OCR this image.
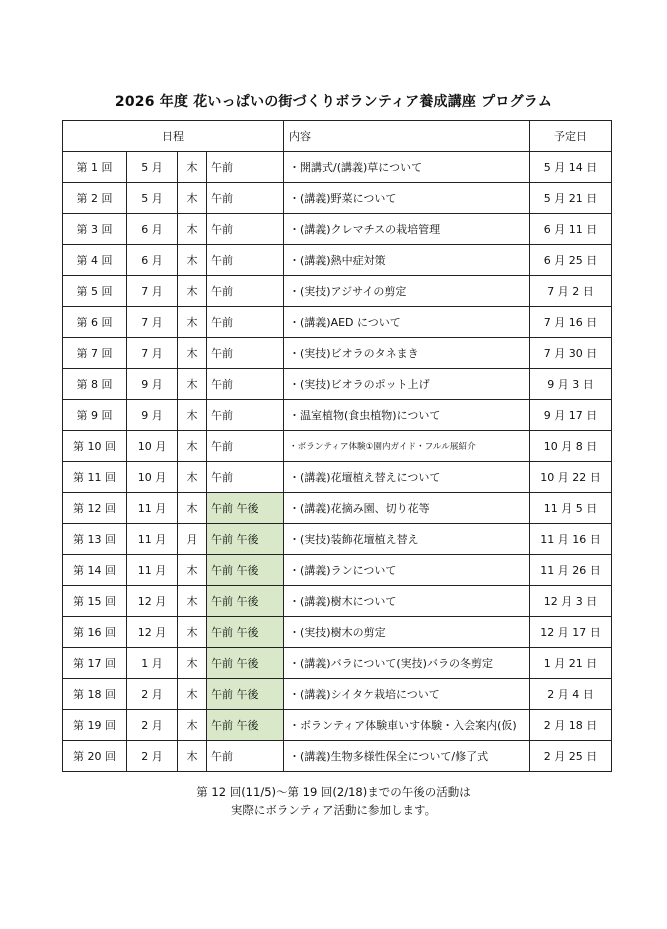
2026 年度 花いっぱいの街づくりボランティア養成講座 プログラム
日程				内容	予定日
第 1 回	5 月	木	午前	・開講式/(講義)草について	5 月 14 日
第 2 回	5 月	木	午前	・(講義)野菜について	5 月 21 日
第 3 回	6 月	木	午前	・(講義)クレマチスの栽培管理	6 月 11 日
第 4 回	6 月	木	午前	・(講義)熱中症対策	6 月 25 日
第 5 回	7 月	木	午前	・(実技)アジサイの剪定	7 月 2 日
第 6 回	7 月	木	午前	・(講義)AED について	7 月 16 日
第 7 回	7 月	木	午前	・(実技)ビオラのタネまき	7 月 30 日
第 8 回	9 月	木	午前	・(実技)ビオラのポット上げ	9 月 3 日
第 9 回	9 月	木	午前	・温室植物(食虫植物)について	9 月 17 日
第 10 回	10 月	木	午前	・ボランティア体験①園内ガイド・フルル展紹介	10 月 8 日
第 11 回	10 月	木	午前	・(講義)花壇植え替えについて	10 月 22 日
第 12 回	11 月	木	午前 午後	・(講義)花摘み園、切り花等	11 月 5 日
第 13 回	11 月	月	午前 午後	・(実技)装飾花壇植え替え	11 月 16 日
第 14 回	11 月	木	午前 午後	・(講義)ランについて	11 月 26 日
第 15 回	12 月	木	午前 午後	・(講義)樹木について	12 月 3 日
第 16 回	12 月	木	午前 午後	・(実技)樹木の剪定	12 月 17 日
第 17 回	1 月	木	午前 午後	・(講義)バラについて(実技)バラの冬剪定	1 月 21 日
第 18 回	2 月	木	午前 午後	・(講義)シイタケ栽培について	2 月 4 日
第 19 回	2 月	木	午前 午後	・ボランティア体験車いす体験・入会案内(仮)	2 月 18 日
第 20 回	2 月	木	午前	・(講義)生物多様性保全について/修了式	2 月 25 日
第 12 回(11/5)～第 19 回(2/18)までの午後の活動は
実際にボランティア活動に参加します。
